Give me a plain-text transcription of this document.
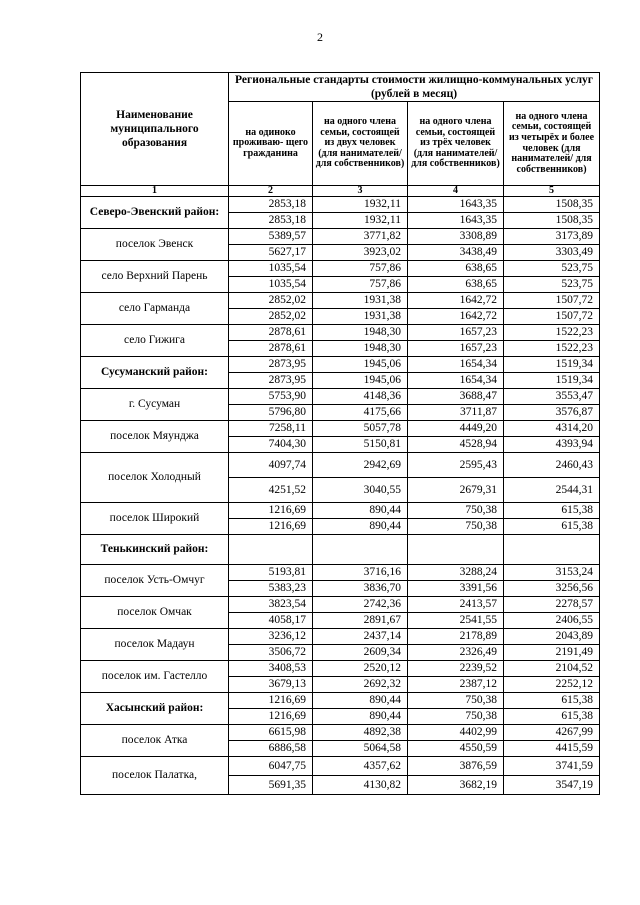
2
Наименование муниципального образования	Региональные стандарты стоимости жилищно-коммунальных услуг (рублей в месяц)			
	на одиноко проживаю- щего гражданина	на одного члена семьи, состоящей из двух человек (для нанимателей/ для собственников)	на одного члена семьи, состоящей из трёх человек (для нанимателей/ для собственников)	на одного члена семьи, состоящей из четырёх и более человек (для нанимателей/ для собственников)
1	2	3	4	5
Северо-Эвенский район:	2853,18	1932,11	1643,35	1508,35
	2853,18	1932,11	1643,35	1508,35
поселок Эвенск	5389,57	3771,82	3308,89	3173,89
	5627,17	3923,02	3438,49	3303,49
село Верхний Парень	1035,54	757,86	638,65	523,75
	1035,54	757,86	638,65	523,75
село Гарманда	2852,02	1931,38	1642,72	1507,72
	2852,02	1931,38	1642,72	1507,72
село Гижига	2878,61	1948,30	1657,23	1522,23
	2878,61	1948,30	1657,23	1522,23
Сусуманский район:	2873,95	1945,06	1654,34	1519,34
	2873,95	1945,06	1654,34	1519,34
г. Сусуман	5753,90	4148,36	3688,47	3553,47
	5796,80	4175,66	3711,87	3576,87
поселок Мяунджа	7258,11	5057,78	4449,20	4314,20
	7404,30	5150,81	4528,94	4393,94
поселок Холодный	4097,74	2942,69	2595,43	2460,43
	4251,52	3040,55	2679,31	2544,31
поселок Широкий	1216,69	890,44	750,38	615,38
	1216,69	890,44	750,38	615,38
Тенькинский район:				
поселок Усть-Омчуг	5193,81	3716,16	3288,24	3153,24
	5383,23	3836,70	3391,56	3256,56
поселок Омчак	3823,54	2742,36	2413,57	2278,57
	4058,17	2891,67	2541,55	2406,55
поселок Мадаун	3236,12	2437,14	2178,89	2043,89
	3506,72	2609,34	2326,49	2191,49
поселок им. Гастелло	3408,53	2520,12	2239,52	2104,52
	3679,13	2692,32	2387,12	2252,12
Хасынский район:	1216,69	890,44	750,38	615,38
	1216,69	890,44	750,38	615,38
поселок Атка	6615,98	4892,38	4402,99	4267,99
	6886,58	5064,58	4550,59	4415,59
поселок Палатка,	6047,75	4357,62	3876,59	3741,59
	5691,35	4130,82	3682,19	3547,19
